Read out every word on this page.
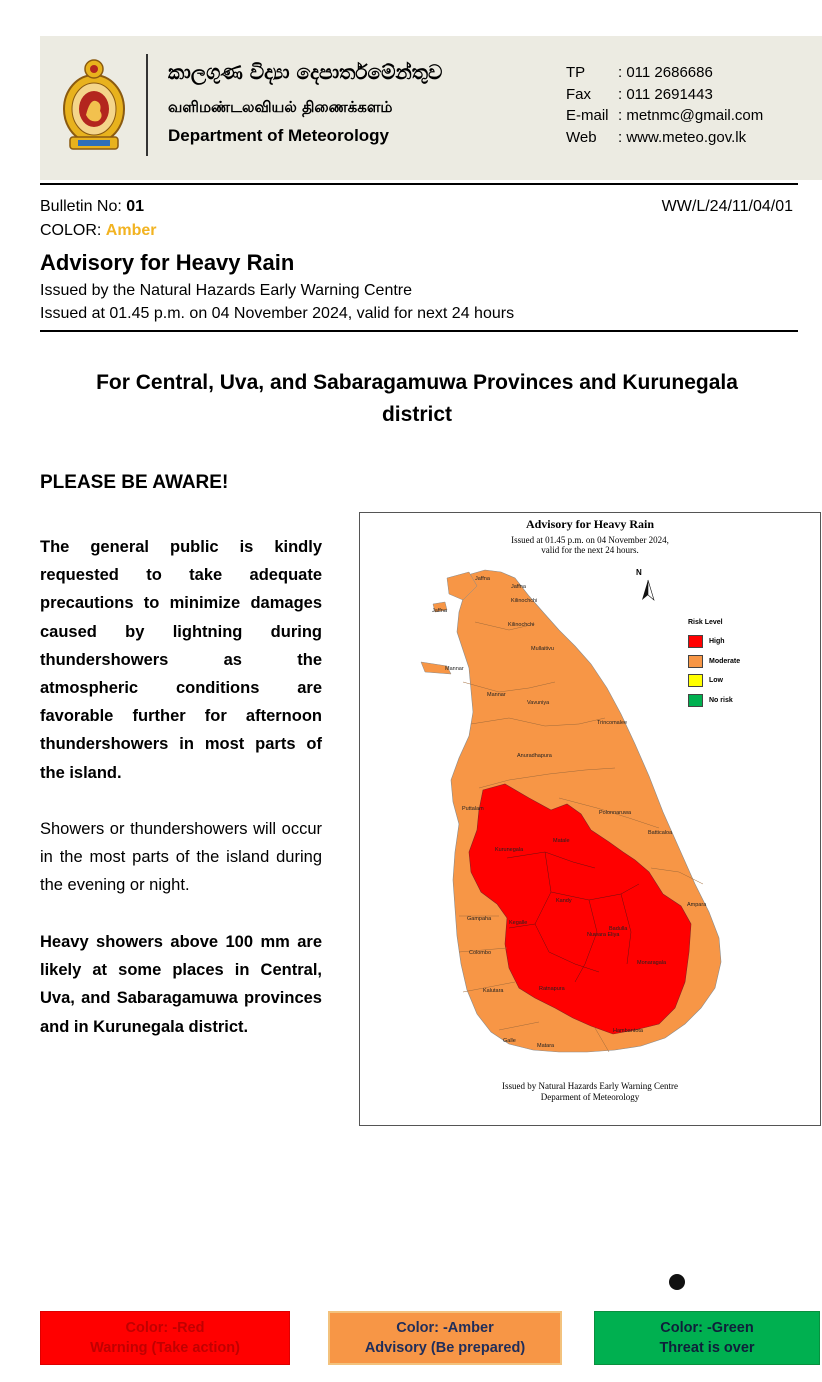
කාලගුණ විද්‍යා දෙපාර්තමේන්තුව
வளிமண்டலவியல் திணைக்களம்
Department of Meteorology
TP	: 011 2686686
Fax	: 011 2691443
E-mail : metnmc@gmail.com
Web	: www.meteo.gov.lk
Bulletin No: 01	WW/L/24/11/04/01
COLOR: Amber
Advisory for Heavy Rain
Issued by the Natural Hazards Early Warning Centre
Issued at 01.45 p.m. on 04 November 2024, valid for next 24 hours
For Central, Uva, and Sabaragamuwa Provinces and Kurunegala
district
PLEASE BE AWARE!
The general public is kindly requested to take adequate precautions to minimize damages caused by lightning during thundershowers as the atmospheric conditions are favorable further for afternoon thundershowers in most parts of the island.
Showers or thundershowers will occur in the most parts of the island during the evening or night.
Heavy showers above 100 mm are likely at some places in Central, Uva, and Sabaragamuwa provinces and in Kurunegala district.
Jaffna
Jaffna
Jaffna
Kilinochchi
Kilinochchi
Mullaitivu
Mannar
Mannar
Vavuniya
Trincomalee
Anuradhapura
Puttalam
Polonnaruwa
Batticaloa
Kurunegala
Matale
Kandy
Ampara
Gampaha
Kegalle
Nuwara Eliya
Badulla
Colombo
Monaragala
Kalutara	Ratnapura
Hambantota
Galle
Matara
Advisory for Heavy Rain
Issued at 01.45 p.m. on 04 November 2024,
valid for the next 24 hours.
N
Risk Level
High
Moderate
Low
No risk
Issued by Natural Hazards Early Warning Centre
Deparment of Meteorology
Color: -Red
Warning (Take action)
Color: -Amber
Advisory (Be prepared)
Color: -Green
Threat is over
